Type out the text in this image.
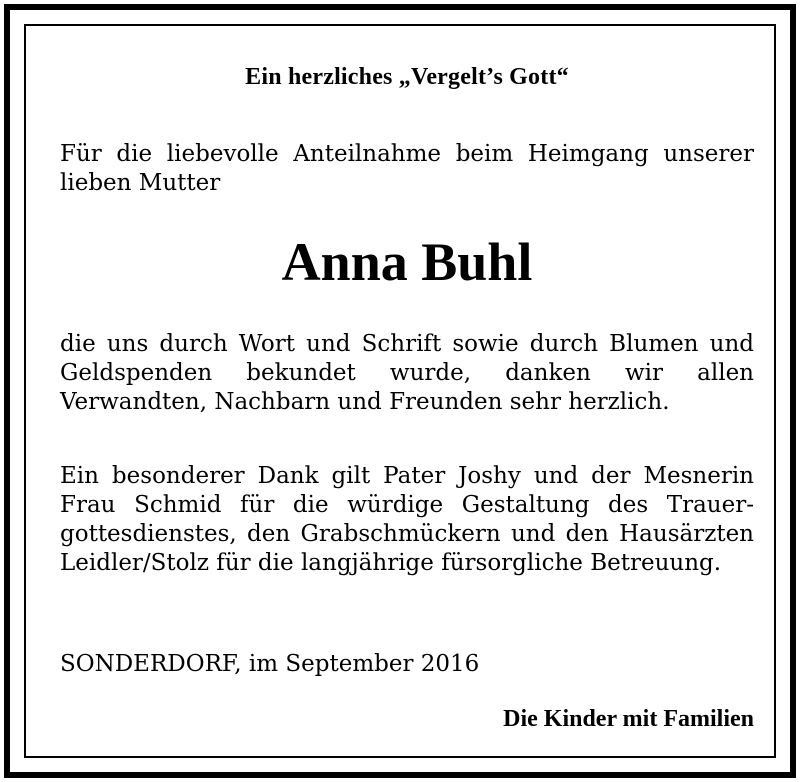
Ein herzliches „Vergelt’s Gott“
Für die liebevolle Anteilnahme beim Heimgang unserer lieben Mutter
Anna Buhl
die uns durch Wort und Schrift sowie durch Blumen und Geldspenden bekundet wurde, danken wir allen Verwandten, Nachbarn und Freunden sehr herzlich.
Ein besonderer Dank gilt Pater Joshy und der Mesnerin Frau Schmid für die würdige Gestaltung des Trauergottesdienstes, den Grabschmückern und den Hausärzten Leidler/Stolz für die langjährige fürsorgliche Betreuung.
SONDERDORF, im September 2016
Die Kinder mit Familien
